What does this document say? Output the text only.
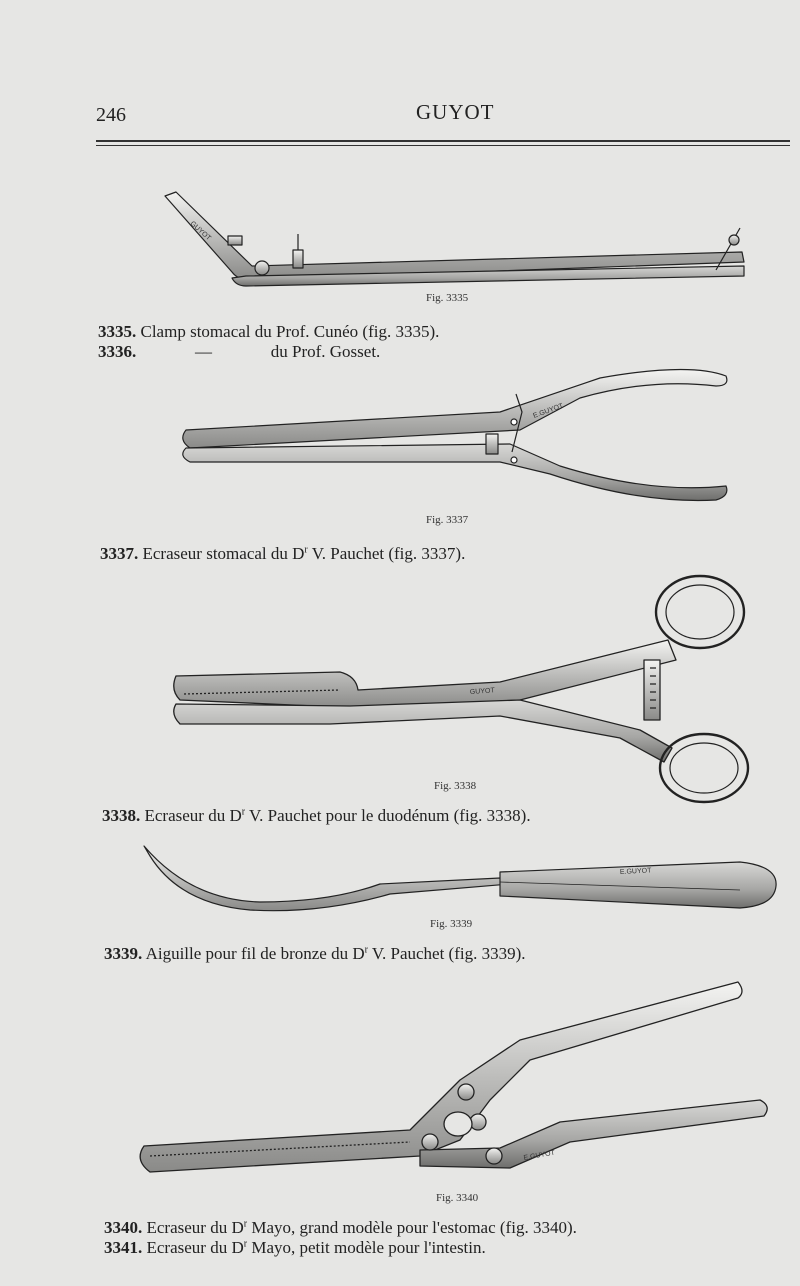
246	GUYOT
GUYOT
Fig. 3335
3335. Clamp stomacal du Prof. Cunéo (fig. 3335).
3336.	—	du Prof. Gosset.
E.GUYOT
Fig. 3337
3337. Ecraseur stomacal du $D^r$ V. Pauchet (fig. 3337).
GUYOT
Fig. 3338
3338. Ecraseur du $D^r$ V. Pauchet pour le duodénum (fig. 3338).
E.GUYOT
Fig. 3339
3339. Aiguille pour fil de bronze du $D^r$ V. Pauchet (fig. 3339).
E.GUYOT
Fig. 3340
3340. Ecraseur du $D^r$ Mayo, grand modèle pour l'estomac (fig. 3340).
3341. Ecraseur du $D^r$ Mayo, petit modèle pour l'intestin.
